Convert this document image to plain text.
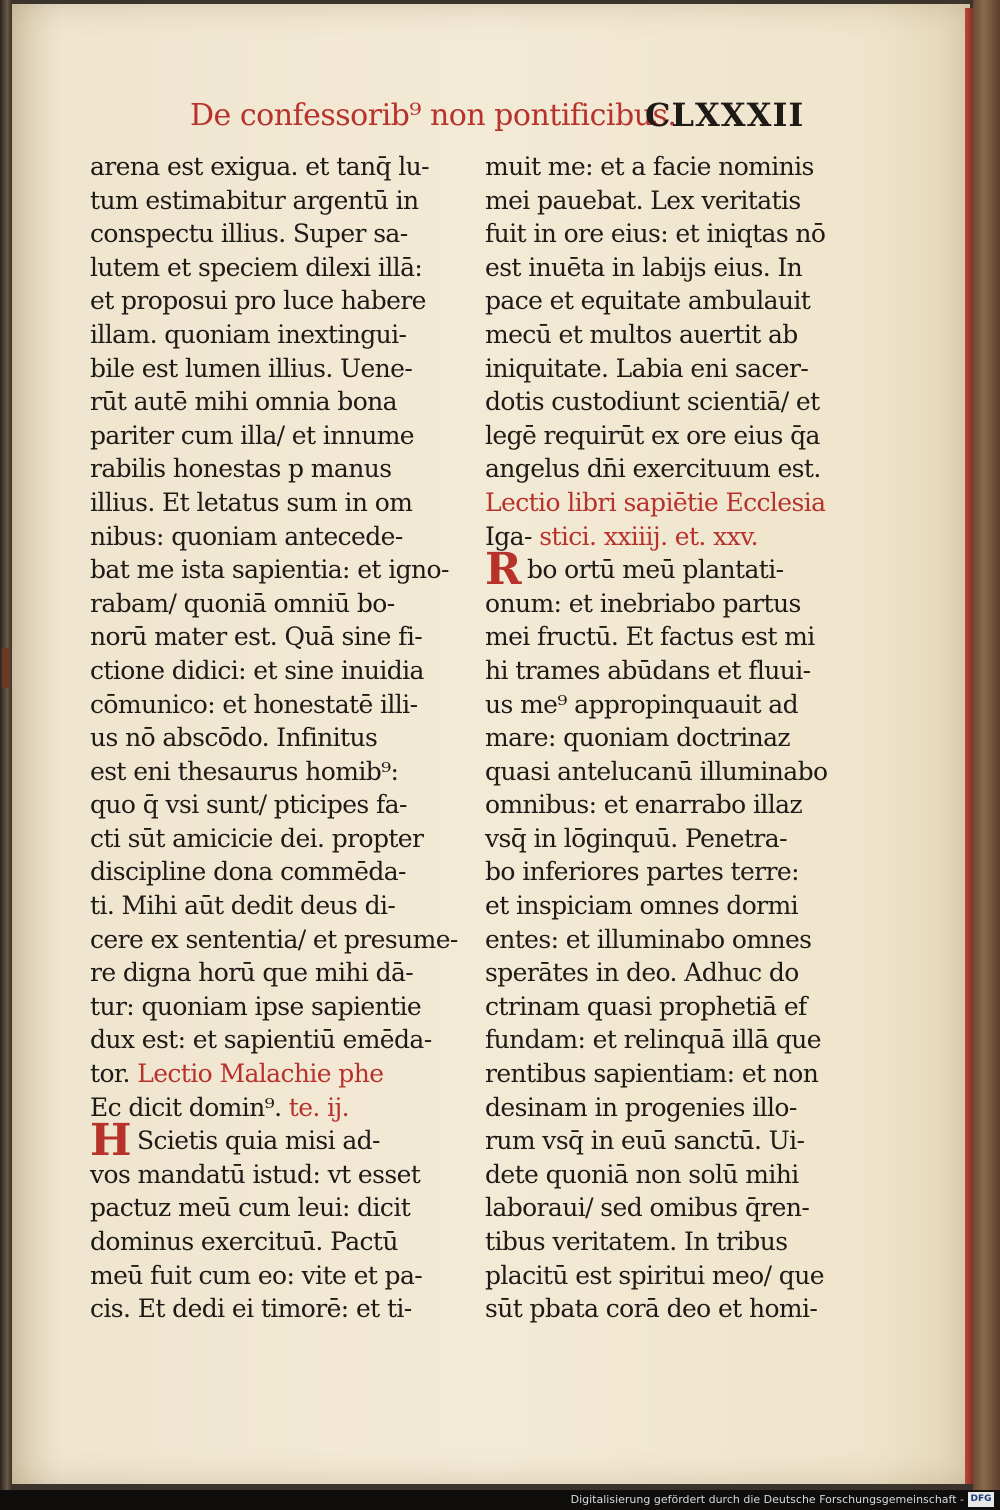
De confessorib⁹ non pontificibus.
CLXXXII
arena est exigua. et tanq̄ lu-
tum estimabitur argentū in
conspectu illius. Super sa-
lutem et speciem dilexi illā:
et proposui pro luce habere
illam. quoniam inextingui-
bile est lumen illius. Uene-
rūt autē mihi omnia bona
pariter cum illa/ et innume
rabilis honestas p manus
illius. Et letatus sum in om
nibus: quoniam antecede-
bat me ista sapientia: et igno-
rabam/ quoniā omniū bo-
norū mater est. Quā sine fi-
ctione didici: et sine inuidia
cōmunico: et honestatē illi-
us nō abscōdo. Infinitus
est eni thesaurus homib⁹:
quo q̄ vsi sunt/ pticipes fa-
cti sūt amicicie dei. propter
discipline dona commēda-
ti. Mihi aūt dedit deus di-
cere ex sententia/ et presume-
re digna horū que mihi dā-
tur: quoniam ipse sapientie
dux est: et sapientiū emēda-
tor. Lectio Malachie phe
Ec dicit domin⁹. te. ij.
H Scietis quia misi ad-
vos mandatū istud: vt esset
pactuz meū cum leui: dicit
dominus exercituū. Pactū
meū fuit cum eo: vite et pa-
cis. Et dedi ei timorē: et ti-
muit me: et a facie nominis
mei pauebat. Lex veritatis
fuit in ore eius: et iniqtas nō
est inuēta in labijs eius. In
pace et equitate ambulauit
mecū et multos auertit ab
iniquitate. Labia eni sacer-
dotis custodiunt scientiā/ et
legē requirūt ex ore eius q̄a
angelus dn̄i exercituum est.
Lectio libri sapiētie Ecclesia
Iga- stici. xxiiij. et. xxv.
Rbo ortū meū plantati-
onum: et inebriabo partus
mei fructū. Et factus est mi
hi trames abūdans et fluui-
us me⁹ appropinquauit ad
mare: quoniam doctrinaz
quasi antelucanū illuminabo
omnibus: et enarrabo illaz
vsq̄ in lōginquū. Penetra-
bo inferiores partes terre:
et inspiciam omnes dormi
entes: et illuminabo omnes
sperātes in deo. Adhuc do
ctrinam quasi prophetiā ef
fundam: et relinquā illā que
rentibus sapientiam: et non
desinam in progenies illo-
rum vsq̄ in euū sanctū. Ui-
dete quoniā non solū mihi
laboraui/ sed omibus q̄ren-
tibus veritatem. In tribus
placitū est spiritui meo/ que
sūt pbata corā deo et homi-
Digitalisierung gefördert durch die Deutsche Forschungsgemeinschaft - DFG
